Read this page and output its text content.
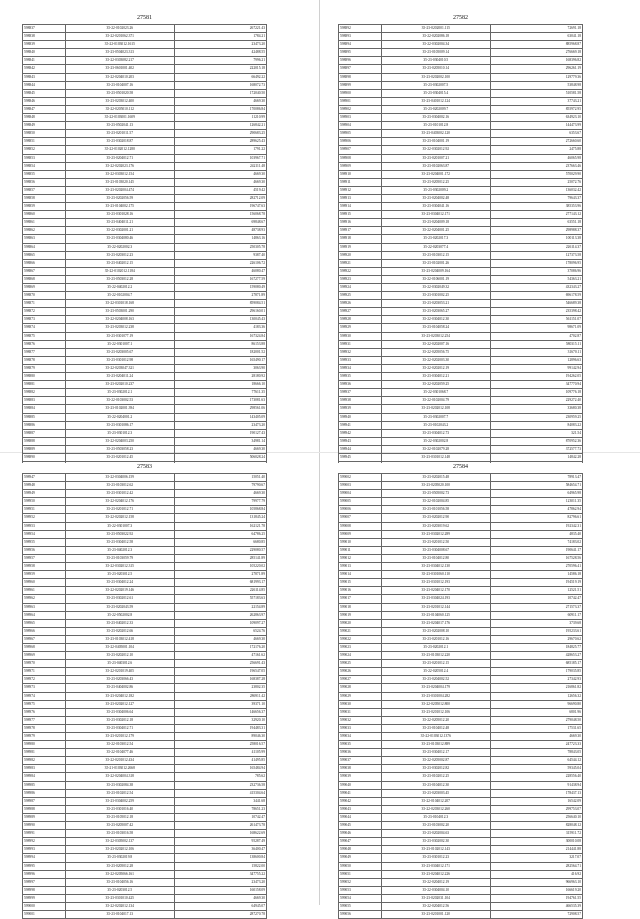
27581
598837	35-22-0102023.26	267221.43
598838	35-22-0201062.371	1784.21
598839	35-22-0103012.1615	23473.20
598840	35-23-0504023.313	42488.55
598841	35-22-0303082.217	7996.21
598842	35-23-0601001.402	222015.18
598843	35-22-0204010.203	66492.22
598844	35-23-0104007.16	168072.73
598845	35-23-0501020.58	172040.50
598846	35-23-0203012.400	4669.30
598847	35-22-0205010.112	170086.84
598848	35-22-0103001.1609	11210.99
598849	35-23-0502041.13	126842.21
598850	35-23-0201011.57	290683.25
598851	35-23-0302018.87	289625.43
598852	35-22-0102012.1280	1791.22
598853	35-23-0204012.71	103967.71
598854	35-22-0202023.176	242111.48
598855	35-22-0303012.154	4669.30
598856	35-23-0103020.145	4669.30
598857	35-23-0202004.474	4519.42
598858	35-23-0202056.59	282712.09
598859	35-23-0104002.175	196747.63
598860	35-23-0301028.16	156068.78
598861	35-23-0404011.21	69848.67
598862	35-22-0302001.21	48738.93
598863	35-23-0304080.46	14863.16
598864	35-22-0202002.3	250305.78
598865	35-23-0203012.23	9387.40
598866	35-23-0402012.15	226106.72
598867	35-22-0102012.1184	46080.47
598868	35-23-0503012.28	167277.59
598869	35-22-0402012.2	159080.49
598870	35-22-0102004.7	27871.89
598871	35-22-0301018.168	859084.51
598872	35-23-0503001.290	296160.01
598873	35-22-0204008.163	130045.43
598874	35-23-0203012.238	4183.36
598875	35-23-0301077.19	167324.84
598876	35-22-0301007.1	86153.88
598877	35-23-0203005.67	182001.52
598878	35-23-0301012.98	165490.17
598879	35-22-0203047.321	3063.90
598880	35-23-0204011.24	28180.92
598881	35-23-0202010.237	18666.10
598882	35-23-0302012.1	77611.35
598883	35-22-0103002.53	173081.63
598884	35-23-0102001.394	298561.06
598885	35-22-0204001.2	143405.09
598886	35-23-0301086.17	23473.20
598887	35-23-0301012.3	190127.43
598888	35-22-0204003.250	34981.14
598889	35-23-0503058.23	4669.30
598890	35-23-0201012.45	506028.24

27582
598892	35-23-0202001.115	72691.18
598893	35-22-0202086.18	63041.18
598894	35-22-0302004.34	885968.87
598895	35-23-0105009.14	276669.18
598896	35-23-0304010.5	168396.82
598897	35-23-0205010.14	296261.19
598898	35-23-0202002.100	129779.36
598899	35-23-0302007.5	53848.98
598900	35-23-0304015.4	510581.58
598901	35-23-0401012.124	37743.21
598902	35-23-0202009.7	855972.95
598903	35-23-0304002.16	634923.10
598904	35-23-0101012.8	144473.99
598905	35-23-0403002.120	6353.67
598906	35-23-0104001.19	272660.60
598907	35-22-0302012.92	2475.88
598908	35-23-0201007.21	46065.98
598909	35-23-0102063.87	237663.46
598910	35-23-0204001.172	570029.90
598911	35-23-0205012.25	25072.76
598912	35-23-0302009.2	136032.42
598913	35-23-0204002.48	79643.37
598914	35-23-0304041.16	385353.96
598915	35-23-0304012.171	277143.12
598916	35-23-0204009.18	63551.18
598917	35-22-0204001.25	298988.37
598918	35-23-0202017.3	100113.38
598919	35-22-0203077.4	226114.37
598920	35-23-0103012.15	127373.58
598921	35-23-0102001.26	178096.95
598922	35-23-0204009.164	37086.96
598923	35-22-0106001.19	54363.21
598924	35-22-0302049.32	432343.27
598925	35-23-0301002.25	696178.59
598926	35-23-0203053.21	546689.38
598927	35-23-0203065.27	235398.42
598928	35-22-0304012.30	561151.07
598929	35-23-0104058.24	98671.09
598930	35-23-0203012.254	4702.87
598931	35-22-0202007.16	580315.11
598932	35-22-0205056.75	31670.11
598933	35-22-0202003.30	12896.63
598934	35-22-0202012.19	99142.94
598935	35-23-0304012.21	194262.05
598936	35-22-0202059.25	347770.94
598937	35-22-0301068.7	109776.18
598938	35-22-0102004.79	229272.40
598939	35-23-0202012.108	33680.38
598940	35-23-0302007.7	230959.25
598941	35-23-0102043.2	84083.22
598942	35-23-0304012.73	321.54
598943	35-22-0302002.8	870952.36
598944	35-22-0102079.28	372577.73
598945	35-23-0301012.148	14842.28

27583
598947	35-22-0304006.159	15051.40
598948	35-23-0103012.62	79790.67
598949	35-23-0301012.42	4669.30
598950	35-22-0204012.176	79977.79
598951	35-23-0201012.71	105868.84
598952	35-22-0202012.158	131845.24
598953	35-22-0301007.3	162121.78
598954	35-23-0503022.92	64786.25
598955	35-23-0304012.58	6680.85
598956	35-23-0402012.3	229080.57
598957	35-23-0103059.79	285141.89
598958	35-22-0302012.315	105220.02
598959	35-23-0203012.5	27871.89
598960	35-23-0304012.24	681993.17
598961	35-22-0202019.146	226114.85
598962	35-23-0302012.61	557183.63
598963	35-23-0202043.59	22154.89
598964	35-22-0502002.8	262863.97
598965	35-23-0402012.33	109097.27
598966	35-23-0202012.66	6524.76
598967	35-23-0103012.418	4669.30
598968	35-22-0405001.104	172176.20
598969	35-23-0202012.10	47161.62
598970	35-23-0403012.6	256691.43
598971	35-22-0201019.405	196547.05
598972	35-23-0203066.43	168387.28
598973	35-23-0404002.86	23802.35
598974	35-23-0204012.182	286911.42
598975	35-23-0202012.127	39371.10
598976	35-23-0304006.64	146656.37
598977	35-23-0302012.18	32920.10
598978	35-23-0304012.71	194483.31
598979	35-23-0201012.179	89046.30
598980	35-22-0103012.54	258016.57
598981	35-22-0104077.46	41105.99
598982	35-22-0201012.434	41495.85
598983	35-21-0103012.2668	165484.94
598984	35-22-0204004.318	785.62
598985	35-23-0302084.38	232736.58
598986	35-23-0102012.54	415304.64
598987	35-23-0304002.259	3441.68
598988	35-23-0301016.40	78651.23
598989	35-23-0105012.18	10742.47
598990	35-23-0205007.42	261473.78
598991	35-23-0103016.58	168622.69
598992	35-22-0305002.137	95287.49
598993	35-23-0202012.106	36400.47
598994	35-23-0302019.8	138600.84
598995	35-23-0205012.28	15822.00
598996	35-22-0205066.161	347755.22
598997	35-23-0104056.16	23473.20
598998	35-23-0203012.5	160158.09
598999	35-23-0301010.425	4669.30
599000	35-22-0202012.134	64945.07
599001	35-23-0104017.13	287270.78
27584
599002	35-23-0202015.48	78913.47
599003	35-23-0205020.100	584654.71
599004	35-23-0505002.73	64965.98
599005	35-22-0102004.85	123011.35
599006	35-23-0101056.58	47862.94
599007	35-23-0202012.90	82796.61
599008	35-23-0203019.62	192342.31
599009	35-23-0302012.289	4835.40
599010	35-23-0201012.50	74183.02
599011	35-23-0304008.67	190641.17
599012	35-23-0104012.80	167528.56
599013	35-23-0304012.130	270596.41
599014	35-23-0301060.110	14586.18
599015	35-23-0301012.193	194519.19
599016	35-23-0204012.170	12521.51
599017	35-23-0304024.193	10742.47
599018	35-23-0201012.144	271573.37
599019	35-23-0104060.125	60911.17
599020	35-23-0204017.176	3739.68
599021	35-23-0202008.10	195233.61
599022	35-23-0201012.16	29670.62
599023	35-23-0202012.1	184825.77
599024	35-23-0103012.220	428653.27
599025	35-23-0201012.15	685185.17
599026	35-22-0205012.4	179035.85
599027	35-23-0204002.52	27342.93
599028	35-23-0204004.179	216861.82
599029	35-23-0301004.282	12656.32
599030	35-22-0205012.800	96690.80
599031	35-23-0201012.106	6801.96
599032	35-22-0205012.20	279048.50
599033	35-23-0104012.48	17531.65
599034	35-22-0103012.1376	4669.30
599035	35-23-0103012.889	247723.33
599036	35-23-0304012.17	78843.05
599037	35-22-0205002.87	64544.12
599038	35-23-0302012.82	59345.04
599039	35-23-0102012.25	228556.40
599040	35-23-0104012.30	91438.94
599041	35-23-0203003.45	178437.13
599042	35-22-0104012.207	16542.09
599043	35-22-0203012.260	299753.07
599044	35-23-0104012.3	256640.10
599045	35-23-0103002.20	828048.12
599046	35-23-0202004.63	315911.72
599047	35-23-0302002.30	300010.08
599048	35-23-0102012.143	214441.88
599049	35-23-0301012.23	3217.07
599050	35-23-0304012.171	282564.71
599051	35-23-0204012.226	416.92
599052	35-22-0204012.19	966963.10
599053	35-22-0304004.10	166619.20
599054	35-23-0202031.104	194761.55
599055	35-22-0204012.56	466535.39
599056	35-23-0201001.120	72908.57
